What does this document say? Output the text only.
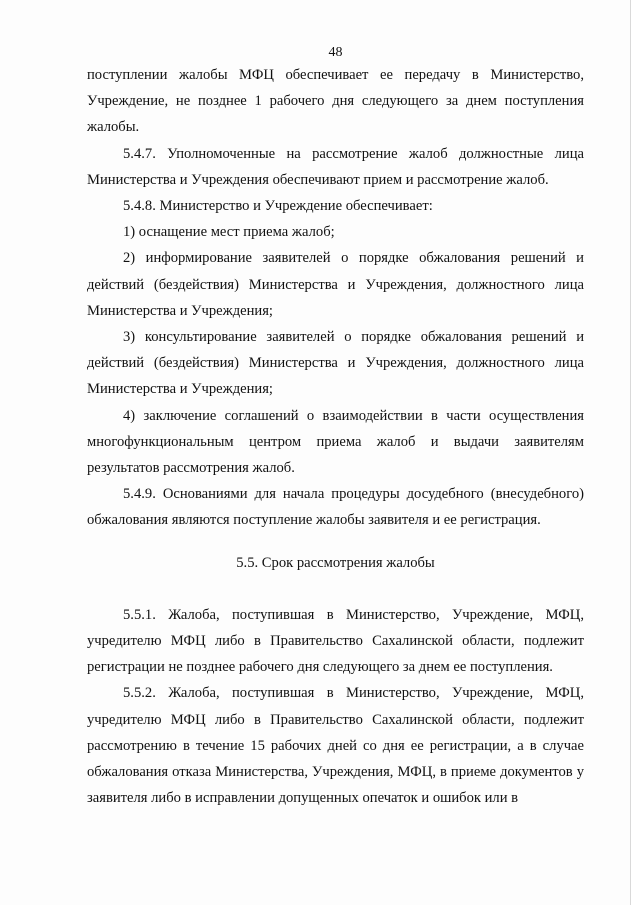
48

поступлении жалобы МФЦ обеспечивает ее передачу в Министерство, Учреждение, не позднее 1 рабочего дня следующего за днем поступления жалобы.

5.4.7. Уполномоченные на рассмотрение жалоб должностные лица Министерства и Учреждения обеспечивают прием и рассмотрение жалоб.

5.4.8. Министерство и Учреждение обеспечивает:

1) оснащение мест приема жалоб;

2) информирование заявителей о порядке обжалования решений и действий (бездействия) Министерства и Учреждения, должностного лица Министерства и Учреждения;

3) консультирование заявителей о порядке обжалования решений и действий (бездействия) Министерства и Учреждения, должностного лица Министерства и Учреждения;

4) заключение соглашений о взаимодействии в части осуществления многофункциональным центром приема жалоб и выдачи заявителям результатов рассмотрения жалоб.

5.4.9. Основаниями для начала процедуры досудебного (внесудебного) обжалования являются поступление жалобы заявителя и ее регистрация.

5.5. Срок рассмотрения жалобы

5.5.1. Жалоба, поступившая в Министерство, Учреждение, МФЦ, учредителю МФЦ либо в Правительство Сахалинской области, подлежит регистрации не позднее рабочего дня следующего за днем ее поступления.

5.5.2. Жалоба, поступившая в Министерство, Учреждение, МФЦ, учредителю МФЦ либо в Правительство Сахалинской области, подлежит рассмотрению в течение 15 рабочих дней со дня ее регистрации, а в случае обжалования отказа Министерства, Учреждения, МФЦ, в приеме документов у заявителя либо в исправлении допущенных опечаток и ошибок или в
